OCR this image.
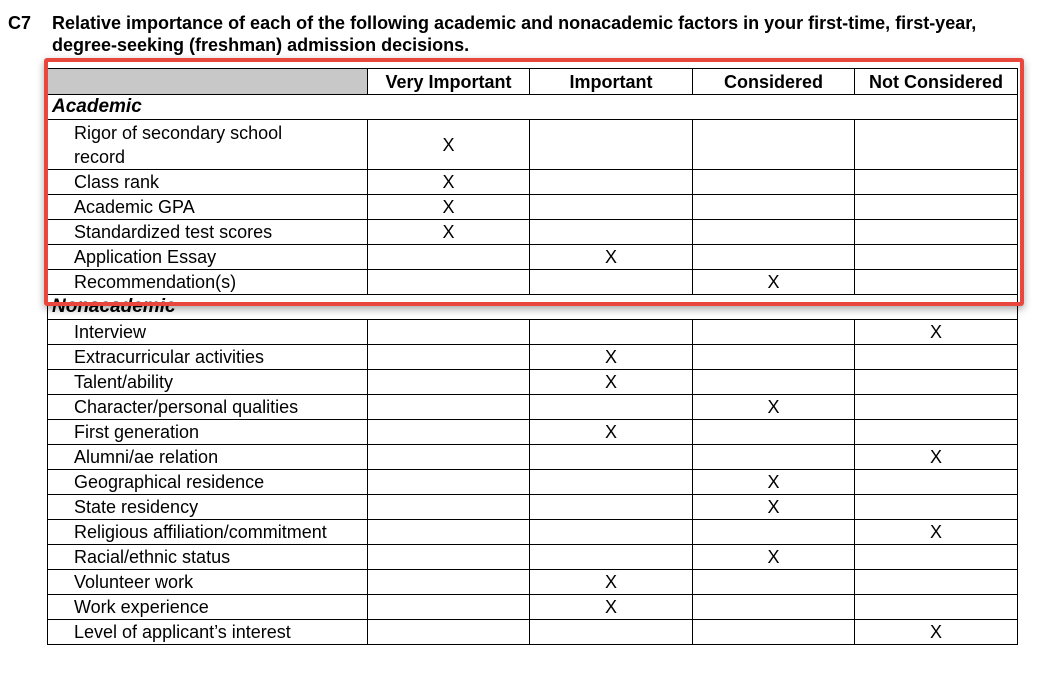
C7 Relative importance of each of the following academic and nonacademic factors in your first-time, first-year, degree-seeking (freshman) admission decisions.
	Very Important	Important	Considered	Not Considered
Academic				
Rigor of secondary school record	X			
Class rank	X			
Academic GPA	X			
Standardized test scores	X			
Application Essay		X		
Recommendation(s)			X	
Nonacademic				
Interview				X
Extracurricular activities		X		
Talent/ability		X		
Character/personal qualities			X	
First generation		X		
Alumni/ae relation				X
Geographical residence			X	
State residency			X	
Religious affiliation/commitment				X
Racial/ethnic status			X	
Volunteer work		X		
Work experience		X		
Level of applicant’s interest				X
